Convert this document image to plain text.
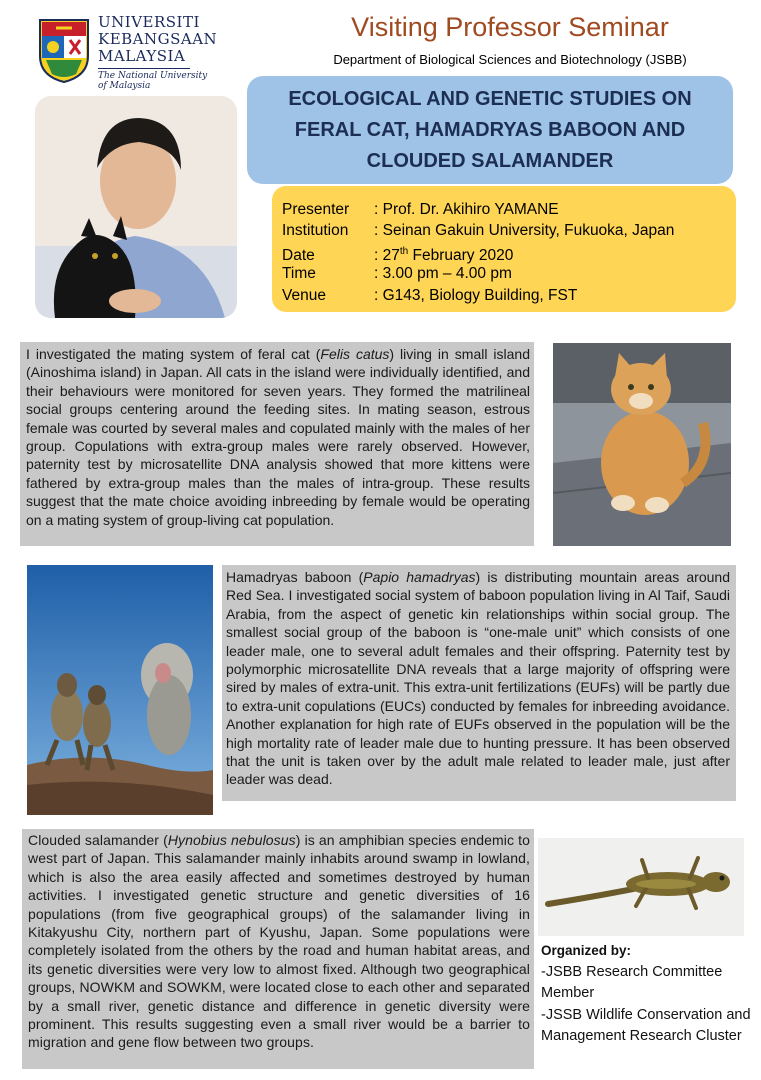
UNIVERSITI
KEBANGSAAN
MALAYSIA
The National University
of Malaysia
Visiting Professor Seminar
Department of Biological Sciences and Biotechnology (JSBB)
ECOLOGICAL AND GENETIC STUDIES ON
FERAL CAT, HAMADRYAS BABOON AND
CLOUDED SALAMANDER
Presenter : Prof. Dr. Akihiro YAMANE
Institution : Seinan Gakuin University, Fukuoka, Japan
Date	: 27th February 2020
Time	: 3.00 pm – 4.00 pm
Venue	: G143, Biology Building, FST

I investigated the mating system of feral cat (Felis catus) living in small island (Ainoshima island) in Japan. All cats in the island were individually identified, and their behaviours were monitored for seven years. They formed the matrilineal social groups centering around the feeding sites. In mating season, estrous female was courted by several males and copulated mainly with the males of her group. Copulations with extra-group males were rarely observed. However, paternity test by microsatellite DNA analysis showed that more kittens were fathered by extra-group males than the males of intra-group. These results suggest that the mate choice avoiding inbreeding by female would be operating on a mating system of group-living cat population.

Hamadryas baboon (Papio hamadryas) is distributing mountain areas around Red Sea. I investigated social system of baboon population living in Al Taif, Saudi Arabia, from the aspect of genetic kin relationships within social group. The smallest social group of the baboon is “one-male unit” which consists of one leader male, one to several adult females and their offspring. Paternity test by polymorphic microsatellite DNA reveals that a large majority of offspring were sired by males of extra-unit. This extra-unit fertilizations (EUFs) will be partly due to extra-unit copulations (EUCs) conducted by females for inbreeding avoidance. Another explanation for high rate of EUFs observed in the population will be the high mortality rate of leader male due to hunting pressure. It has been observed that the unit is taken over by the adult male related to leader male, just after leader was dead.

Clouded salamander (Hynobius nebulosus) is an amphibian species endemic to west part of Japan. This salamander mainly inhabits around swamp in lowland, which is also the area easily affected and sometimes destroyed by human activities. I investigated genetic structure and genetic diversities of 16 populations (from five geographical groups) of the salamander living in Kitakyushu City, northern part of Kyushu, Japan. Some populations were completely isolated from the others by the road and human habitat areas, and its genetic diversities were very low to almost fixed. Although two geographical groups, NOWKM and SOWKM, were located close to each other and separated by a small river, genetic distance and difference in genetic diversity were prominent. This results suggesting even a small river would be a barrier to migration and gene flow between two groups.

Organized by:
-JSBB Research Committee Member
-JSSB Wildlife Conservation and Management Research Cluster
